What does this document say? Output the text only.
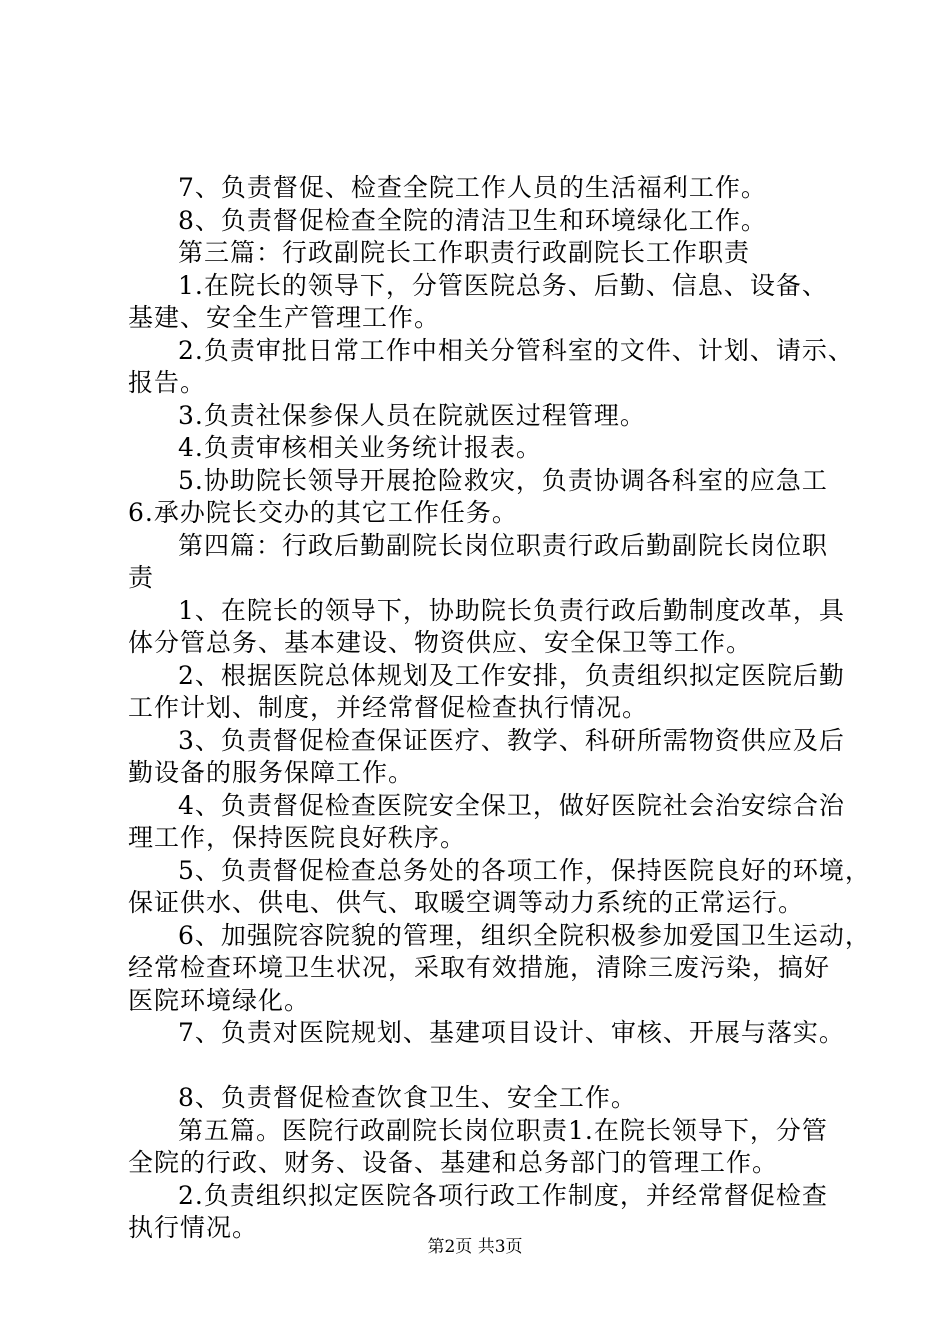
7、负责督促、检查全院工作人员的生活福利工作。
8、负责督促检查全院的清洁卫生和环境绿化工作。
第三篇：行政副院长工作职责行政副院长工作职责
1.在院长的领导下，分管医院总务、后勤、信息、设备、
基建、安全生产管理工作。
2.负责审批日常工作中相关分管科室的文件、计划、请示、
报告。
3.负责社保参保人员在院就医过程管理。
4.负责审核相关业务统计报表。
5.协助院长领导开展抢险救灾，负责协调各科室的应急工
6.承办院长交办的其它工作任务。
第四篇：行政后勤副院长岗位职责行政后勤副院长岗位职
责
1、在院长的领导下，协助院长负责行政后勤制度改革，具
体分管总务、基本建设、物资供应、安全保卫等工作。
2、根据医院总体规划及工作安排，负责组织拟定医院后勤
工作计划、制度，并经常督促检查执行情况。
3、负责督促检查保证医疗、教学、科研所需物资供应及后
勤设备的服务保障工作。
4、负责督促检查医院安全保卫，做好医院社会治安综合治
理工作，保持医院良好秩序。
5、负责督促检查总务处的各项工作，保持医院良好的环境，
保证供水、供电、供气、取暖空调等动力系统的正常运行。
6、加强院容院貌的管理，组织全院积极参加爱国卫生运动，
经常检查环境卫生状况，采取有效措施，清除三废污染，搞好
医院环境绿化。
7、负责对医院规划、基建项目设计、审核、开展与落实。
8、负责督促检查饮食卫生、安全工作。
第五篇。医院行政副院长岗位职责1.在院长领导下，分管
全院的行政、财务、设备、基建和总务部门的管理工作。
2.负责组织拟定医院各项行政工作制度，并经常督促检查
执行情况。
第2页 共3页
